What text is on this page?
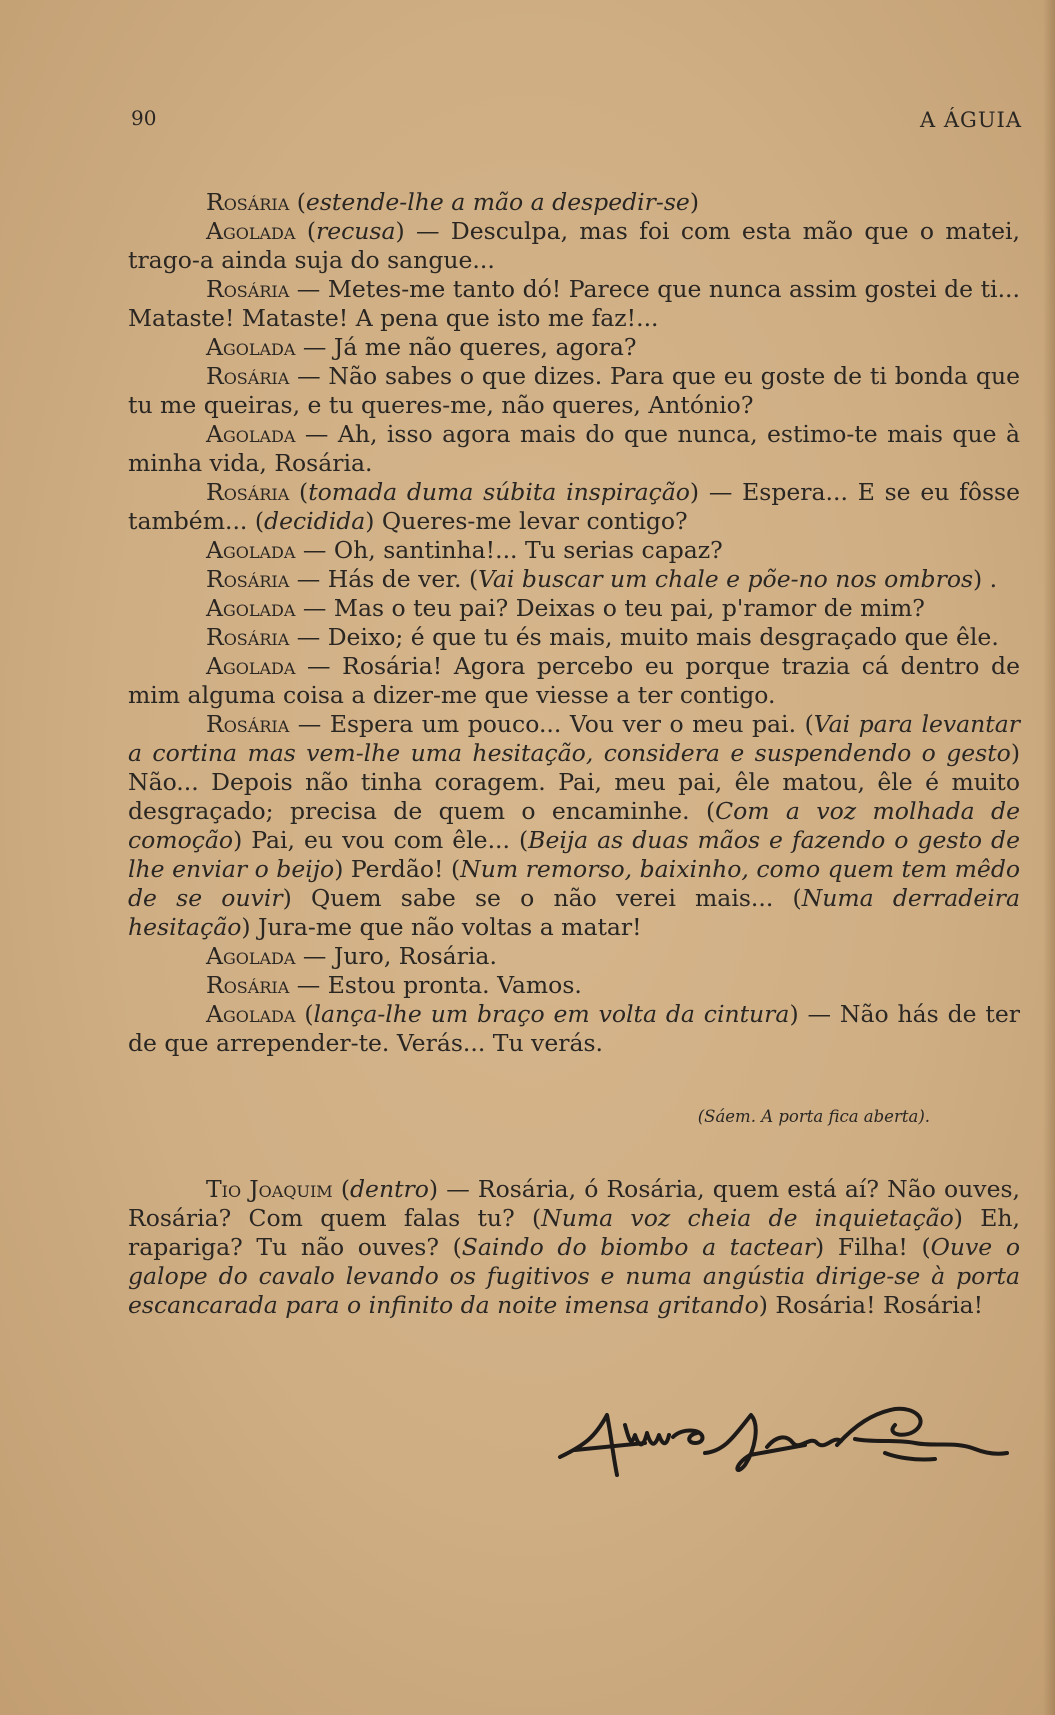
90	A ÁGUIA

Rosária ( estende-lhe a mão a despedir-se )

Agolada ( recusa ) — Desculpa, mas foi com esta mão que o matei, trago-a ainda suja do sangue...

Rosária — Metes-me tanto dó! Parece que nunca assim gostei de ti... Mataste! Mataste! A pena que isto me faz!...

Agolada — Já me não queres, agora?

Rosária — Não sabes o que dizes. Para que eu goste de ti bonda que tu me queiras, e tu queres-me, não queres, António?

Agolada — Ah, isso agora mais do que nunca, estimo-te mais que à minha vida, Rosária.

Rosária ( tomada duma súbita inspiração ) — Espera... E se eu fôsse também... ( decidida ) Queres-me levar contigo?

Agolada — Oh, santinha!... Tu serias capaz?

Rosária — Hás de ver. ( Vai buscar um chale e põe-no nos ombros ) .

Agolada — Mas o teu pai? Deixas o teu pai, p'ramor de mim?

Rosária — Deixo; é que tu és mais, muito mais desgraçado que êle.

Agolada — Rosária! Agora percebo eu porque trazia cá dentro de mim alguma coisa a dizer-me que viesse a ter contigo.

Rosária — Espera um pouco... Vou ver o meu pai. ( Vai para levantar a cortina mas vem-lhe uma hesitação, considera e suspendendo o gesto ) Não... Depois não tinha coragem. Pai, meu pai, êle matou, êle é muito desgraçado; precisa de quem o encaminhe. ( Com a voz molhada de comoção ) Pai, eu vou com êle... ( Beija as duas mãos e fazendo o gesto de lhe enviar o beijo ) Perdão! ( Num remorso, baixinho, como quem tem mêdo de se ouvir ) Quem sabe se o não verei mais... ( Numa derradeira hesitação ) Jura-me que não voltas a matar!

Agolada — Juro, Rosária.

Rosária — Estou pronta. Vamos.

Agolada ( lança-lhe um braço em volta da cintura ) — Não hás de ter de que arrepender-te. Verás... Tu verás.

( Sáem. A porta fica aberta ).

Tio Joaquim ( dentro ) — Rosária, ó Rosária, quem está aí? Não ouves, Rosária? Com quem falas tu? ( Numa voz cheia de inquietação ) Eh, rapariga? Tu não ouves? ( Saindo do biombo a tactear ) Filha! ( Ouve o galope do cavalo levando os fugitivos e numa angústia dirige-se à porta escancarada para o infinito da noite imensa gritando ) Rosária! Rosária!
